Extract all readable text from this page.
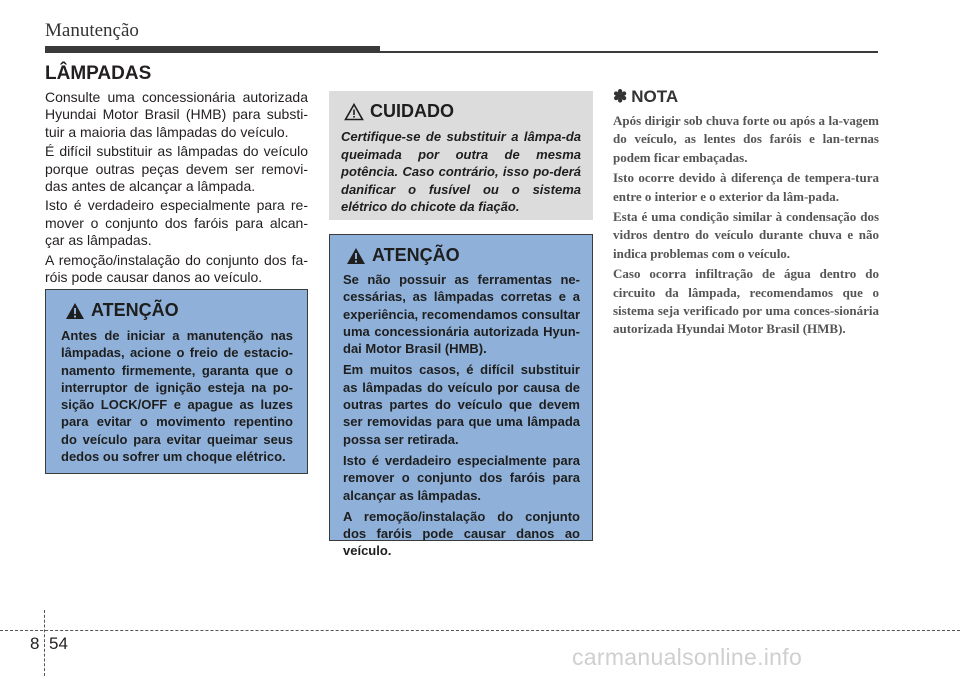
Manutenção
LÂMPADAS

Consulte uma concessionária autorizada Hyundai Motor Brasil (HMB) para substi-tuir a maioria das lâmpadas do veículo.

É difícil substituir as lâmpadas do veículo porque outras peças devem ser removi-das antes de alcançar a lâmpada.

Isto é verdadeiro especialmente para re-mover o conjunto dos faróis para alcan-çar as lâmpadas.

A remoção/instalação do conjunto dos fa-róis pode causar danos ao veículo.

ATENÇÃO

Antes de iniciar a manutenção nas lâmpadas, acione o freio de estacio-namento firmemente, garanta que o interruptor de ignição esteja na po-sição LOCK/OFF e apague as luzes para evitar o movimento repentino do veículo para evitar queimar seus dedos ou sofrer um choque elétrico.

CUIDADO

Certifique-se de substituir a lâmpa-da queimada por outra de mesma potência. Caso contrário, isso po-derá danificar o fusível ou o sistema elétrico do chicote da fiação.

ATENÇÃO

Se não possuir as ferramentas ne-cessárias, as lâmpadas corretas e a experiência, recomendamos consultar uma concessionária autorizada Hyun-dai Motor Brasil (HMB).

Em muitos casos, é difícil substituir as lâmpadas do veículo por causa de outras partes do veículo que devem ser removidas para que uma lâmpada possa ser retirada.

Isto é verdadeiro especialmente para remover o conjunto dos faróis para alcançar as lâmpadas.

A remoção/instalação do conjunto dos faróis pode causar danos ao veículo.

✽ NOTA

Após dirigir sob chuva forte ou após a la-vagem do veículo, as lentes dos faróis e lan-ternas podem ficar embaçadas.

Isto ocorre devido à diferença de tempera-tura entre o interior e o exterior da lâm-pada.

Esta é uma condição similar à condensação dos vidros dentro do veículo durante chuva e não indica problemas com o veículo.

Caso ocorra infiltração de água dentro do circuito da lâmpada, recomendamos que o sistema seja verificado por uma conces-sionária autorizada Hyundai Motor Brasil (HMB).

8 54
carmanualsonline.info
